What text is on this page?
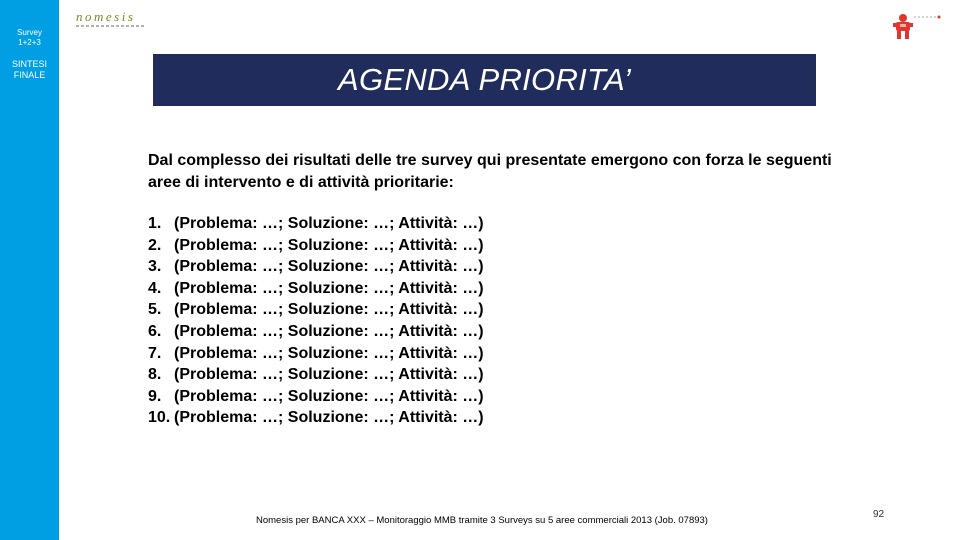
Survey
1+2+3
SINTESI
FINALE
nomesis
AGENDA PRIORITA’

Dal complesso dei risultati delle tre survey qui presentate emergono con forza le seguenti aree di intervento e di attività prioritarie:

1. (Problema: …; Soluzione: …; Attività: …)
2. (Problema: …; Soluzione: …; Attività: …)
3. (Problema: …; Soluzione: …; Attività: …)
4. (Problema: …; Soluzione: …; Attività: …)
5. (Problema: …; Soluzione: …; Attività: …)
6. (Problema: …; Soluzione: …; Attività: …)
7. (Problema: …; Soluzione: …; Attività: …)
8. (Problema: …; Soluzione: …; Attività: …)
9. (Problema: …; Soluzione: …; Attività: …)
10. (Problema: …; Soluzione: …; Attività: …)
Nomesis per BANCA XXX – Monitoraggio MMB tramite 3 Surveys su 5 aree commerciali 2013 (Job. 07893)
92
